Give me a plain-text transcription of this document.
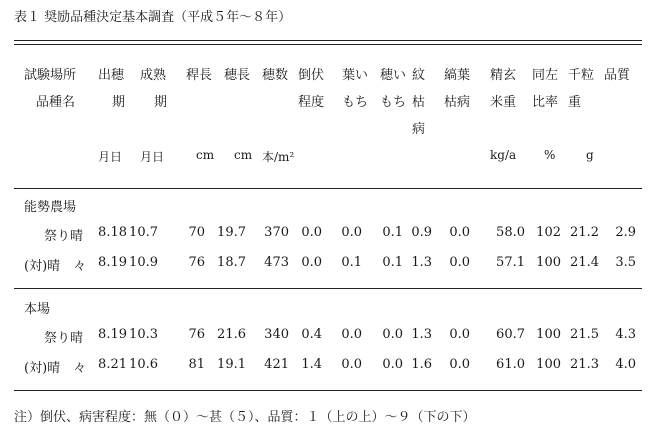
表１ 奨励品種決定基本調査（平成５年〜８年）
試験場所
品種名
出穂
期
月日
成熟
期
月日
稈長
cm
穂長
cm
穂数
本/m²
倒伏
程度
葉い
もち
穂い
もち
紋
枯
病
縞葉
枯病
精玄
米重
kg/a
同左
比率
%
千粒
重
g
品質
能勢農場
祭り晴 8.18 10.7 70 19.7 370 0.0 0.0 0.1 0.9 0.0 58.0 102 21.2 2.9
(対)晴　々 8.19 10.9 76 18.7 473 0.0 0.1 0.1 1.3 0.0 57.1 100 21.4 3.5
本場
祭り晴 8.19 10.3 76 21.6 340 0.4 0.0 0.0 1.3 0.0 60.7 100 21.5 4.3
(対)晴　々 8.21 10.6 81 19.1 421 1.4 0.0 0.0 1.6 0.0 61.0 100 21.3 4.0
注）倒伏、病害程度：無（０）〜甚（５）、品質：１（上の上）〜９（下の下）
